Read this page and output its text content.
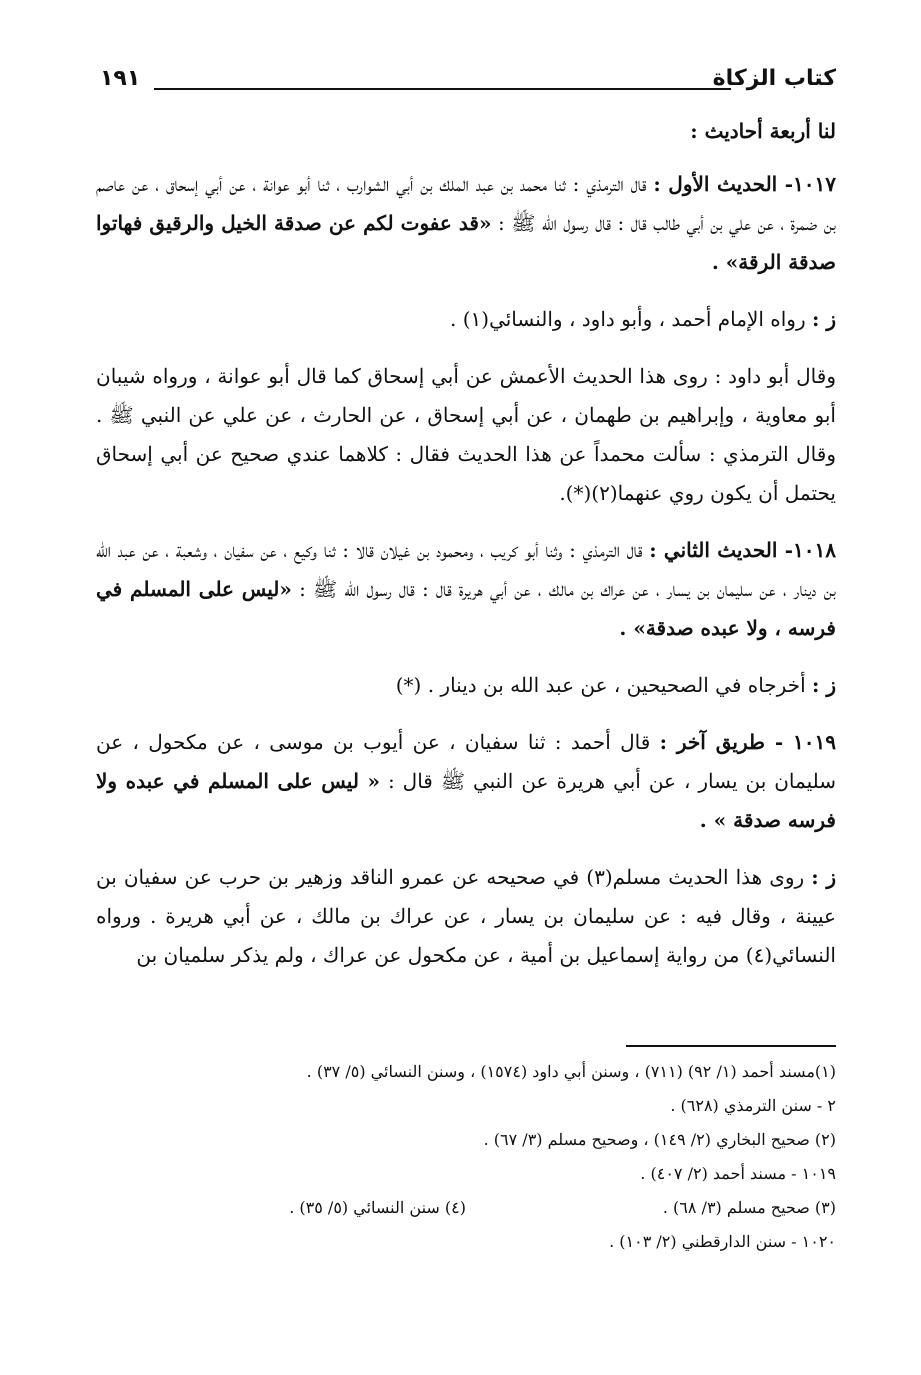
كتاب الزكاة
١٩١

لنا أربعة أحاديث :

١٠١٧- الحديث الأول : قال الترمذي : ثنا محمد بن عبد الملك بن أبي الشوارب ، ثنا أبو عوانة ، عن أبي إسحاق ، عن عاصم بن ضمرة ، عن علي بن أبي طالب قال : قال رسول الله ﷺ : «قد عفوت لكم عن صدقة الخيل والرقيق فهاتوا صدقة الرقة» .

ز : رواه الإمام أحمد ، وأبو داود ، والنسائي(١) .

وقال أبو داود : روى هذا الحديث الأعمش عن أبي إسحاق كما قال أبو عوانة ، ورواه شيبان أبو معاوية ، وإبراهيم بن طهمان ، عن أبي إسحاق ، عن الحارث ، عن علي عن النبي ﷺ . وقال الترمذي : سألت محمداً عن هذا الحديث فقال : كلاهما عندي صحيح عن أبي إسحاق يحتمل أن يكون روي عنهما(٢)(*).

١٠١٨- الحديث الثاني : قال الترمذي : وثنا أبو كريب ، ومحمود بن غيلان قالا : ثنا وكيع ، عن سفيان ، وشعبة ، عن عبد الله بن دينار ، عن سليمان بن يسار ، عن عراك بن مالك ، عن أبي هريرة قال : قال رسول الله ﷺ : «ليس على المسلم في فرسه ، ولا عبده صدقة» .

ز : أخرجاه في الصحيحين ، عن عبد الله بن دينار . (*)

١٠١٩ - طريق آخر : قال أحمد : ثنا سفيان ، عن أيوب بن موسى ، عن مكحول ، عن سليمان بن يسار ، عن أبي هريرة عن النبي ﷺ قال : « ليس على المسلم في عبده ولا فرسه صدقة » .

ز : روى هذا الحديث مسلم(٣) في صحيحه عن عمرو الناقد وزهير بن حرب عن سفيان بن عيينة ، وقال فيه : عن سليمان بن يسار ، عن عراك بن مالك ، عن أبي هريرة . ورواه النسائي(٤) من رواية إسماعيل بن أمية ، عن مكحول عن عراك ، ولم يذكر سلميان بن

(١)مسند أحمد (١/ ٩٢) (٧١١) ، وسنن أبي داود (١٥٧٤) ، وسنن النسائي (٥/ ٣٧) .
٢ - سنن الترمذي (٦٢٨) .
(٢) صحيح البخاري (٢/ ١٤٩) ، وصحيح مسلم (٣/ ٦٧) .
١٠١٩ - مسند أحمد (٢/ ٤٠٧) .
(٣) صحيح مسلم (٣/ ٦٨) .
(٤) سنن النسائي (٥/ ٣٥) .
١٠٢٠ - سنن الدارقطني (٢/ ١٠٣) .
